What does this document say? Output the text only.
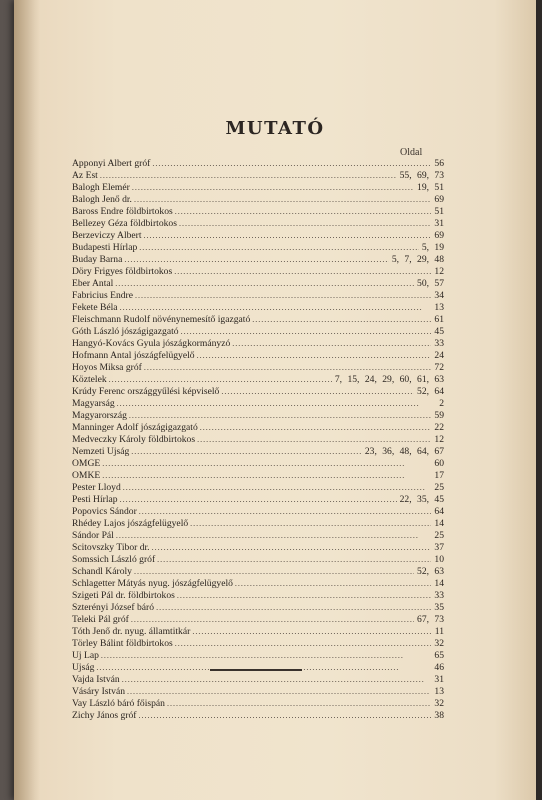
MUTATÓ
Oldal
Apponyi Albert gróf . . .	56
Az Est . . .	55, 69, 73
Balogh Elemér . . .	19, 51
Balogh Jenő dr. . . .	69
Baross Endre földbirtokos . . .	51
Bellezey Géza földbirtokos . . .	31
Berzeviczy Albert . . .	69
Budapesti Hírlap . . .	5, 19
Buday Barna . . .	5, 7, 29, 48
Döry Frigyes földbirtokos . . .	12
Eber Antal . . .	50, 57
Fabricius Endre . . .	34
Fekete Béla . . .	13
Fleischmann Rudolf növénynemesítő igazgató . . .	61
Góth László jószágigazgató . . .	45
Hangyó-Kovács Gyula jószágkormányzó . . .	33
Hofmann Antal jószágfelügyelő . . .	24
Hoyos Miksa gróf . . .	72
Köztelek . . .	7, 15, 24, 29, 60, 61, 63
Krúdy Ferenc országgyűlési képviselő . . .	52, 64
Magyarság . . .	2
Magyarország . . .	59
Manninger Adolf jószágigazgató . . .	22
Medveczky Károly földbirtokos . . .	12
Nemzeti Ujság . . .	23, 36, 48, 64, 67
OMGE . . .	60
OMKE . . .	17
Pester Lloyd . . .	25
Pesti Hírlap . . .	22, 35, 45
Popovics Sándor . . .	64
Rhédey Lajos jószágfelügyelő . . .	14
Sándor Pál . . .	25
Scitovszky Tibor dr. . . .	37
Somssich László gróf . . .	10
Schandl Károly . . .	52, 63
Schlagetter Mátyás nyug. jószágfelügyelő . . .	14
Szigeti Pál dr. földbirtokos . . .	33
Szterényi József báró . . .	35
Teleki Pál gróf . . .	67, 73
Tóth Jenő dr. nyug. államtitkár . . .	11
Törley Bálint földbirtokos . . .	32
Uj Lap . . .	65
Ujság . . .	46
Vajda István . . .	31
Vásáry István . . .	13
Vay László báró főispán . . .	32
Zichy János gróf . . .	38
